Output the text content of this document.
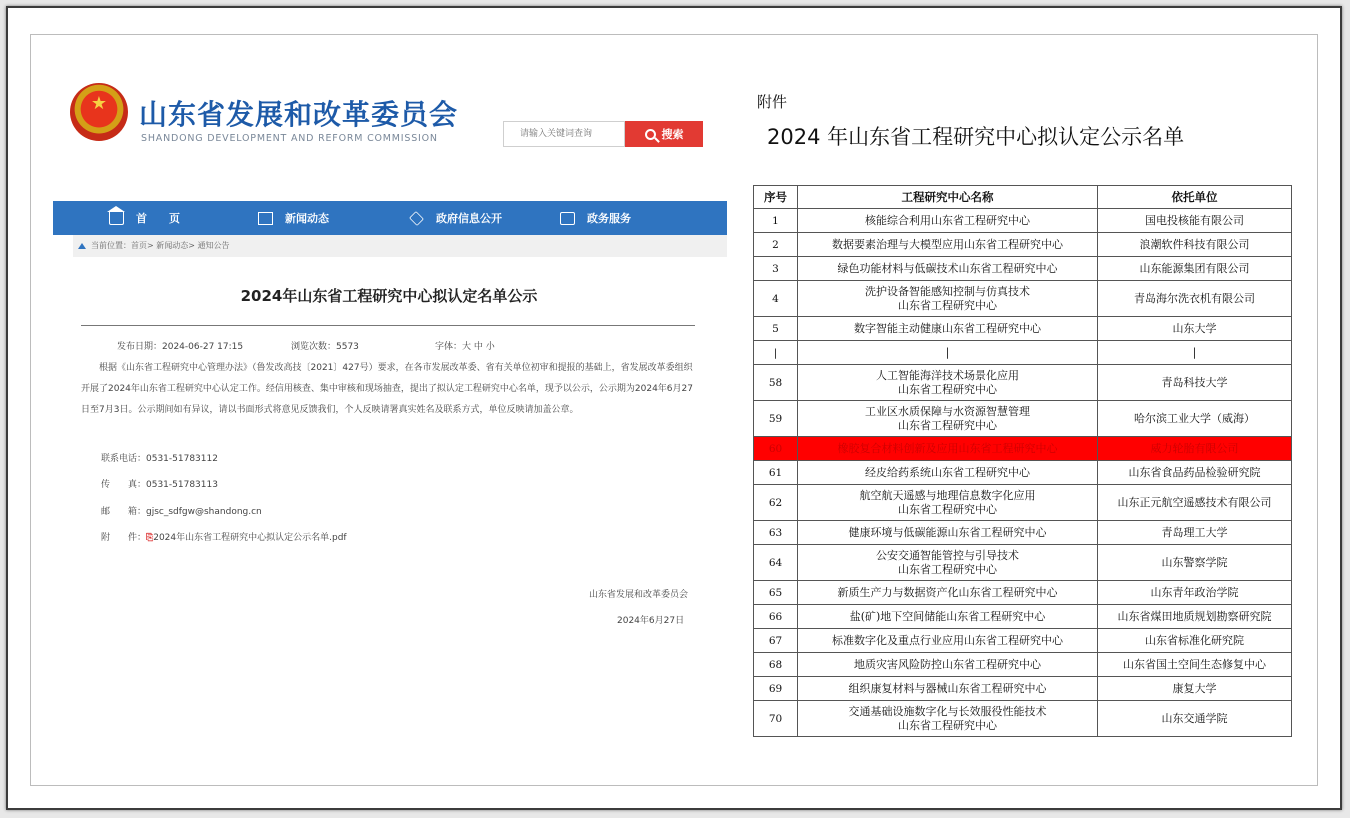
★	山东省发展和改革委员会
SHANDONG DEVELOPMENT AND REFORM COMMISSION
请输入关键词查询	搜索
首　　页	新闻动态	政府信息公开	政务服务
当前位置：首页> 新闻动态> 通知公告
2024年山东省工程研究中心拟认定名单公示
发布日期：2024-06-27 17:15	浏览次数：5573	字体：大 中 小
根据《山东省工程研究中心管理办法》（鲁发改高技〔2021〕427号）要求，在各市发展改革委、省有关单位初审和提报的基础上，省发展改革委组织开展了2024年山东省工程研究中心认定工作。经信用核查、集中审核和现场抽查，提出了拟认定工程研究中心名单，现予以公示，公示期为2024年6月27日至7月3日。公示期间如有异议，请以书面形式将意见反馈我们，个人反映请署真实姓名及联系方式，单位反映请加盖公章。
联系电话：0531-51783112
传　　真：0531-51783113
邮　　箱：gjsc_sdfgw@shandong.cn
附　　件：⎘2024年山东省工程研究中心拟认定公示名单.pdf
山东省发展和改革委员会
2024年6月27日
附件
2024 年山东省工程研究中心拟认定公示名单
序号	工程研究中心名称	依托单位
1	核能综合利用山东省工程研究中心	国电投核能有限公司
2	数据要素治理与大模型应用山东省工程研究中心	浪潮软件科技有限公司
3	绿色功能材料与低碳技术山东省工程研究中心	山东能源集团有限公司
4	洗护设备智能感知控制与仿真技术
山东省工程研究中心	青岛海尔洗衣机有限公司
5	数字智能主动健康山东省工程研究中心	山东大学
|	|	|
58	人工智能海洋技术场景化应用
山东省工程研究中心	青岛科技大学
59	工业区水质保障与水资源智慧管理
山东省工程研究中心	哈尔滨工业大学（威海）
60	橡胶复合材料创新及应用山东省工程研究中心	威力轮胎有限公司
61	经皮给药系统山东省工程研究中心	山东省食品药品检验研究院
62	航空航天遥感与地理信息数字化应用
山东省工程研究中心	山东正元航空遥感技术有限公司
63	健康环境与低碳能源山东省工程研究中心	青岛理工大学
64	公安交通智能管控与引导技术
山东省工程研究中心	山东警察学院
65	新质生产力与数据资产化山东省工程研究中心	山东青年政治学院
66	盐(矿)地下空间储能山东省工程研究中心	山东省煤田地质规划勘察研究院
67	标准数字化及重点行业应用山东省工程研究中心	山东省标准化研究院
68	地质灾害风险防控山东省工程研究中心	山东省国土空间生态修复中心
69	组织康复材料与器械山东省工程研究中心	康复大学
70	交通基础设施数字化与长效服役性能技术
山东省工程研究中心	山东交通学院
